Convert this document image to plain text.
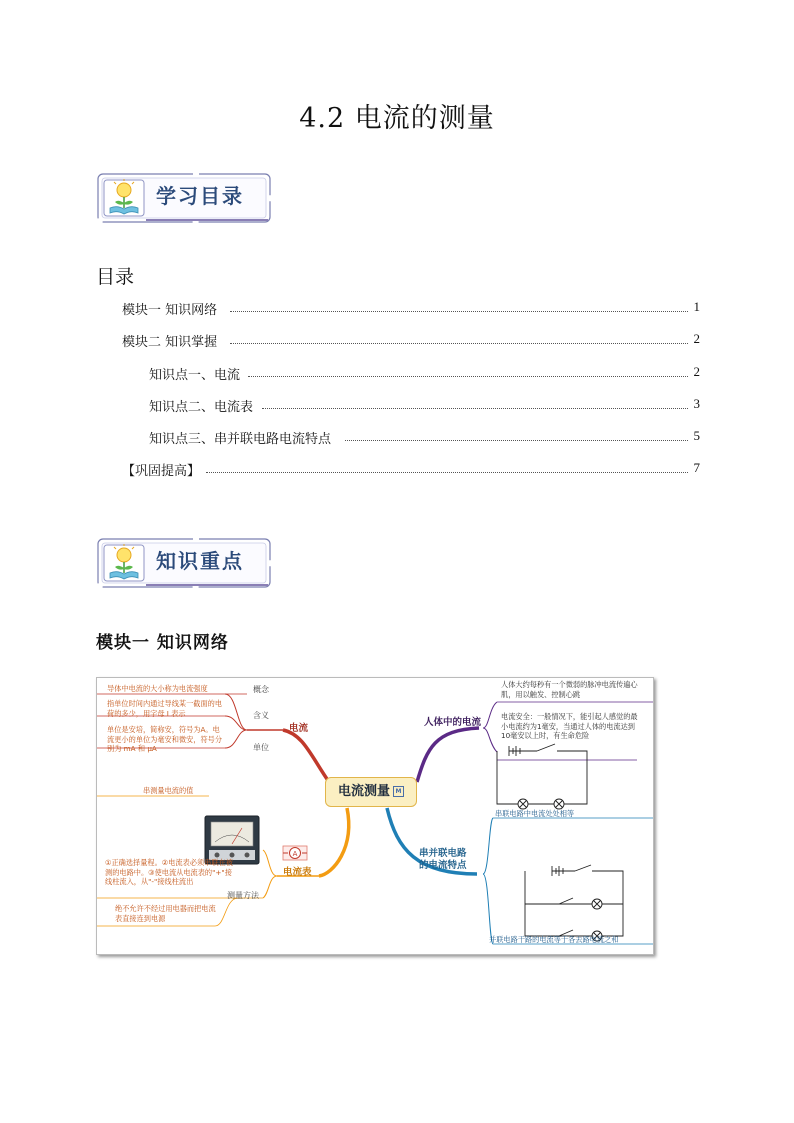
4.2 电流的测量
学习目录
目录
模块一 知识网络	1
模块二 知识掌握	2
知识点一、电流	2
知识点二、电流表	3
知识点三、串并联电路电流特点	5
【巩固提高】	7
知识重点
模块一 知识网络
A
电流测量 M
电流
导体中电流的大小称为电流强度	概念
指单位时间内通过导线某一截面的电荷的多少，用字母 I 表示	含义
单位是安培，简称安，符号为A。电流更小的单位为毫安和微安，符号分别为 mA 和 μA	单位
电流表
串测量电流的值
①正确选择量程。②电流表必须串联在被测的电路中。③使电流从电流表的"+"接线柱流入，从"-"接线柱流出
测量方法
绝不允许不经过用电器而把电流表直接连到电源
人体中的电流
人体大约每秒有一个微弱的脉冲电流传遍心肌，用以触发、控制心跳
电流安全：一般情况下，能引起人感觉的最小电流约为1毫安，当通过人体的电流达到10毫安以上时，有生命危险
串并联电路的电流特点
串联电路中电流处处相等
并联电路干路的电流等于各去路电流之和
